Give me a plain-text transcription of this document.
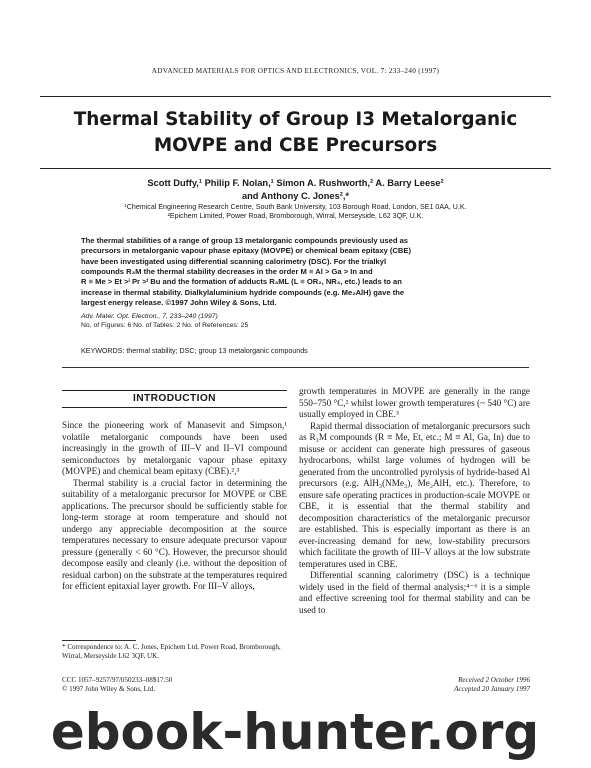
ADVANCED MATERIALS FOR OPTICS AND ELECTRONICS, VOL. 7: 233–240 (1997)
Thermal Stability of Group I3 Metalorganic
MOVPE and CBE Precursors
Scott Duffy,¹ Philip F. Nolan,¹ Simon A. Rushworth,² A. Barry Leese²
and Anthony C. Jones²,*
¹Chemical Engineering Research Centre, South Bank University, 103 Borough Road, London, SE1 0AA, U.K.
²Epichem Limited, Power Road, Bromborough, Wirral, Merseyside, L62 3QF, U.K.
The thermal stabilities of a range of group 13 metalorganic compounds previously used as
precursors in metalorganic vapour phase epitaxy (MOVPE) or chemical beam epitaxy (CBE)
have been investigated using differential scanning calorimetry (DSC). For the trialkyl
compounds R₃M the thermal stability decreases in the order M ≡ Al > Ga > In and
R ≡ Me > Et >ⁱ Pr >ᵗ Bu and the formation of adducts R₃ML (L ≡ OR₂, NR₃, etc.) leads to an
increase in thermal stability. Dialkylaluminium hydride compounds (e.g. Me₂AlH) gave the
largest energy release. ©1997 John Wiley & Sons, Ltd.
Adv. Mater. Opt. Electron., 7, 233–240 (1997)
No. of Figures: 6 No. of Tables: 2 No. of References: 25
KEYWORDS: thermal stability; DSC; group 13 metalorganic compounds
INTRODUCTION

Since the pioneering work of Manasevit and Simpson,¹ volatile metalorganic compounds have been used increasingly in the growth of III–V and II–VI compound semiconductors by metalorganic vapour phase epitaxy (MOVPE) and chemical beam epitaxy (CBE).²,³

Thermal stability is a crucial factor in determining the suitability of a metalorganic precursor for MOVPE or CBE applications. The precursor should be sufficiently stable for long-term storage at room temperature and should not undergo any appreciable decomposition at the source temperatures necessary to ensure adequate precursor vapour pressure (generally < 60 °C). However, the precursor should decompose easily and cleanly (i.e. without the deposition of residual carbon) on the substrate at the temperatures required for efficient epitaxial layer growth. For III–V alloys,

growth temperatures in MOVPE are generally in the range 550–750 °C,² whilst lower growth temperatures (~ 540 °C) are usually employed in CBE.³

Rapid thermal dissociation of metalorganic precursors such as R₃M compounds (R ≡ Me, Et, etc.; M ≡ Al, Ga, In) due to misuse or accident can generate high pressures of gaseous hydrocarbons, whilst large volumes of hydrogen will be generated from the uncontrolled pyrolysis of hydride-based Al precursors (e.g. AlH₃(NMe₃), Me₂AlH, etc.). Therefore, to ensure safe operating practices in production-scale MOVPE or CBE, it is essential that the thermal stability and decomposition characteristics of the metalorganic precursor are established. This is especially important as there is an ever-increasing demand for new, low-stability precursors which facilitate the growth of III–V alloys at the low substrate temperatures used in CBE.

Differential scanning calorimetry (DSC) is a technique widely used in the field of thermal analysis;⁴⁻⁶ it is a simple and effective screening tool for thermal stability and can be used to

* Correspondence to: A. C. Jones, Epichem Ltd, Power Road, Bromborough, Wirral, Merseyside L62 3QF, UK.
CCC 1057–9257/97/050233–08$17.50
© 1997 John Wiley & Sons, Ltd.
Received 2 October 1996
Accepted 20 January 1997
ebook-hunter.org
